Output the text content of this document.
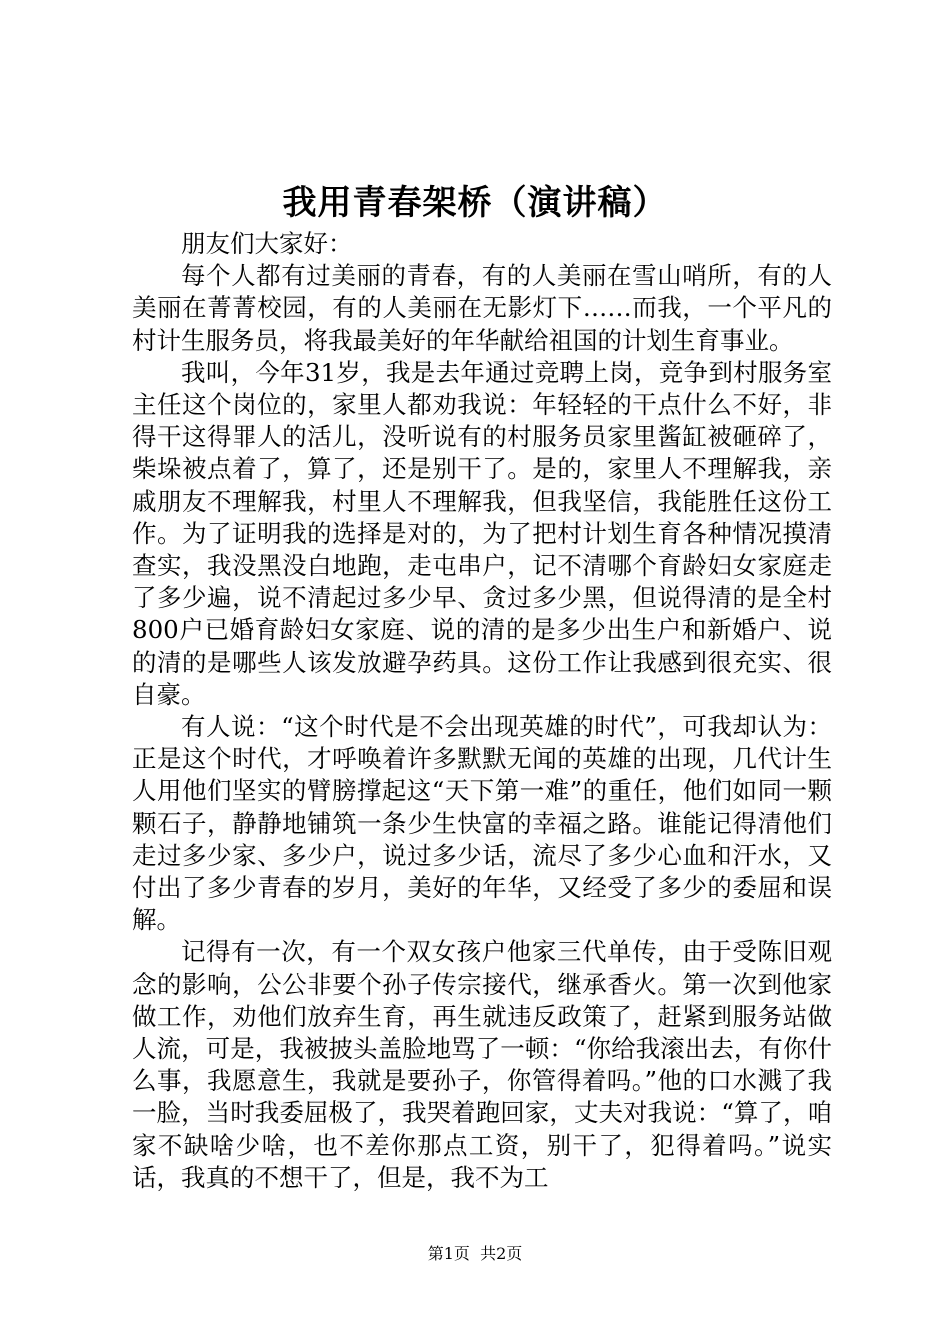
我用青春架桥（演讲稿）

朋友们大家好：

每个人都有过美丽的青春，有的人美丽在雪山哨所，有的人美丽在菁菁校园，有的人美丽在无影灯下……而我，一个平凡的村计生服务员，将我最美好的年华献给祖国的计划生育事业。

我叫，今年31岁，我是去年通过竞聘上岗，竞争到村服务室主任这个岗位的，家里人都劝我说：年轻轻的干点什么不好，非得干这得罪人的活儿，没听说有的村服务员家里酱缸被砸碎了，柴垛被点着了，算了，还是别干了。是的，家里人不理解我，亲戚朋友不理解我，村里人不理解我，但我坚信，我能胜任这份工作。为了证明我的选择是对的，为了把村计划生育各种情况摸清查实，我没黑没白地跑，走屯串户，记不清哪个育龄妇女家庭走了多少遍，说不清起过多少早、贪过多少黑，但说得清的是全村800户已婚育龄妇女家庭、说的清的是多少出生户和新婚户、说的清的是哪些人该发放避孕药具。这份工作让我感到很充实、很自豪。

有人说：“这个时代是不会出现英雄的时代”，可我却认为：正是这个时代，才呼唤着许多默默无闻的英雄的出现，几代计生人用他们坚实的臂膀撑起这“天下第一难”的重任，他们如同一颗颗石子，静静地铺筑一条少生快富的幸福之路。谁能记得清他们走过多少家、多少户，说过多少话，流尽了多少心血和汗水，又付出了多少青春的岁月，美好的年华，又经受了多少的委屈和误解。

记得有一次，有一个双女孩户他家三代单传，由于受陈旧观念的影响，公公非要个孙子传宗接代，继承香火。第一次到他家做工作，劝他们放弃生育，再生就违反政策了，赶紧到服务站做人流，可是，我被披头盖脸地骂了一顿：“你给我滚出去，有你什么事，我愿意生，我就是要孙子，你管得着吗。”他的口水溅了我一脸，当时我委屈极了，我哭着跑回家，丈夫对我说：“算了，咱家不缺啥少啥，也不差你那点工资，别干了，犯得着吗。”说实话，我真的不想干了，但是，我不为工

第1页 共2页
